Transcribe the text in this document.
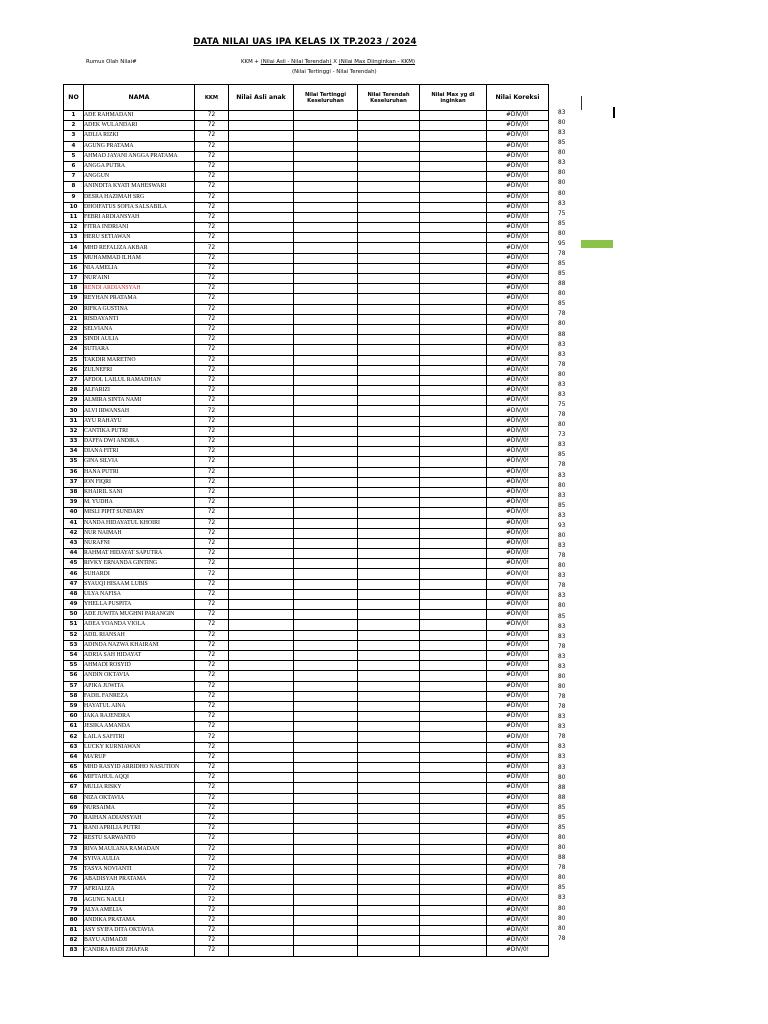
DATA NILAI UAS IPA KELAS IX TP.2023 / 2024
Rumus Olah Nilai#	KKM + (Nilai Asli - Nilai Terendah) X (Nilai Max Diinginkan - KKM)
(Nilai Tertinggi - Nilai Terendah)
NO	NAMA	KKM	Nilai Asli anak	Nilai Tertinggi Keseluruhan	Nilai Terendah Keseluruhan	Nilai Max yg di inginkan	Nilai Koreksi
1	ADE RAHMADANI	72					#DIV/0!
2	ADEK WULANDARI	72					#DIV/0!
3	ADLIA RIZKI	72					#DIV/0!
4	AGUNG PRATAMA	72					#DIV/0!
5	AHMAD JAYANI ANGGA PRATAMA	72					#DIV/0!
6	ANGGA PUTRA	72					#DIV/0!
7	ANGGUN	72					#DIV/0!
8	ANINDITA KYATI MAHESWARI	72					#DIV/0!
9	DESRA HAZIMAH SRG	72					#DIV/0!
10	DHOIFATUS SOFIA SALSABILA	72					#DIV/0!
11	FEBRI ARDIANSYAH	72					#DIV/0!
12	FITRA INDRIANI	72					#DIV/0!
13	HERU SETIAWAN	72					#DIV/0!
14	MHD REFALIZA AKBAR	72					#DIV/0!
15	MUHAMMAD ILHAM	72					#DIV/0!
16	NIA AMELIA	72					#DIV/0!
17	NUR'AINI	72					#DIV/0!
18	RENDI ARDIANSYAH	72					#DIV/0!
19	REYHAN PRATAMA	72					#DIV/0!
20	RIFKA GUSTINA	72					#DIV/0!
21	RISDAYANTI	72					#DIV/0!
22	SELVIANA	72					#DIV/0!
23	SINDI AULIA	72					#DIV/0!
24	SUTIARA	72					#DIV/0!
25	TAKDIR MARETNO	72					#DIV/0!
26	ZULNEFRI	72					#DIV/0!
27	AFDOL LAILUL RAMADHAN	72					#DIV/0!
28	ALFARIZI	72					#DIV/0!
29	ALMIRA SINTA NAMI	72					#DIV/0!
30	ALVI IRWANSAH	72					#DIV/0!
31	AYU RAHAYU	72					#DIV/0!
32	CANTIKA PUTRI	72					#DIV/0!
33	DAFFA DWI ANDIKA	72					#DIV/0!
34	DIANA FITRI	72					#DIV/0!
35	GINA SILVIA	72					#DIV/0!
36	HANA PUTRI	72					#DIV/0!
37	ION FIQRI	72					#DIV/0!
38	KHAIRIL SANI	72					#DIV/0!
39	M. YUDHA	72					#DIV/0!
40	MISLI PIPIT SUNDARY	72					#DIV/0!
41	NANDA HIDAYATUL KHOIRI	72					#DIV/0!
42	NUR NAIMAH	72					#DIV/0!
43	NURAFNI	72					#DIV/0!
44	RAHMAT HIDAYAT SAPUTRA	72					#DIV/0!
45	RIVKY ERNANDA GINTING	72					#DIV/0!
46	SUHARDI	72					#DIV/0!
47	SYAUQI HISAAM LUBIS	72					#DIV/0!
48	ULYA NAFISA	72					#DIV/0!
49	YHELLA PUSPITA	72					#DIV/0!
50	ADE JUWITA MUGHNI PARANGIN	72					#DIV/0!
51	ADEA YOANDA VIOLA	72					#DIV/0!
52	ADIL RIANSAH	72					#DIV/0!
53	ADINDA NAZWA KHAIRANI	72					#DIV/0!
54	ADRIA SAH HIDAYAT	72					#DIV/0!
55	AHMADI ROSYID	72					#DIV/0!
56	ANDIN OKTAVIA	72					#DIV/0!
57	APIKA JUWITA	72					#DIV/0!
58	FADIL FANREZA	72					#DIV/0!
59	HAYATUL AINA	72					#DIV/0!
60	JAKA RAJENDRA	72					#DIV/0!
61	JESIKA AMANDA	72					#DIV/0!
62	LAILA SAFITRI	72					#DIV/0!
63	LUCKY KURNIAWAN	72					#DIV/0!
64	MA'RUP	72					#DIV/0!
65	MHD RASYID ARRIDHO NASUTION	72					#DIV/0!
66	MIFTAHUL AQQI	72					#DIV/0!
67	MULIA RISKY	72					#DIV/0!
68	NIZA OKTAVIA	72					#DIV/0!
69	NURSAIMA	72					#DIV/0!
70	RAIHAN ADIANSYAH	72					#DIV/0!
71	RANI APRILIA PUTRI	72					#DIV/0!
72	RESTU SARWANTO	72					#DIV/0!
73	RIVA MAULANA RAMADAN	72					#DIV/0!
74	SYIVA AULIA	72					#DIV/0!
75	TASYA NOVIANTI	72					#DIV/0!
76	ABADISYAH PRATAMA	72					#DIV/0!
77	AFRIALIZA	72					#DIV/0!
78	AGUNG NAULI	72					#DIV/0!
79	ALYA AMELIA	72					#DIV/0!
80	ANDIKA PRATAMA	72					#DIV/0!
81	ASY SYIFA DITA OKTAVIA	72					#DIV/0!
82	BAYU ADMADJI	72					#DIV/0!
83	CANDRA HADI ZHAFAR	72					#DIV/0!
83
80
83
85
80
83
80
80
80
83
75
85
80
95
78
85
85
88
80
85
78
80
88
83
83
78
80
83
83
75
78
80
73
83
85
78
83
80
83
85
83
93
80
83
78
80
83
78
83
80
85
83
83
78
83
83
80
80
78
78
83
83
78
83
83
83
80
88
88
85
85
85
80
80
88
78
80
85
83
80
80
80
78
